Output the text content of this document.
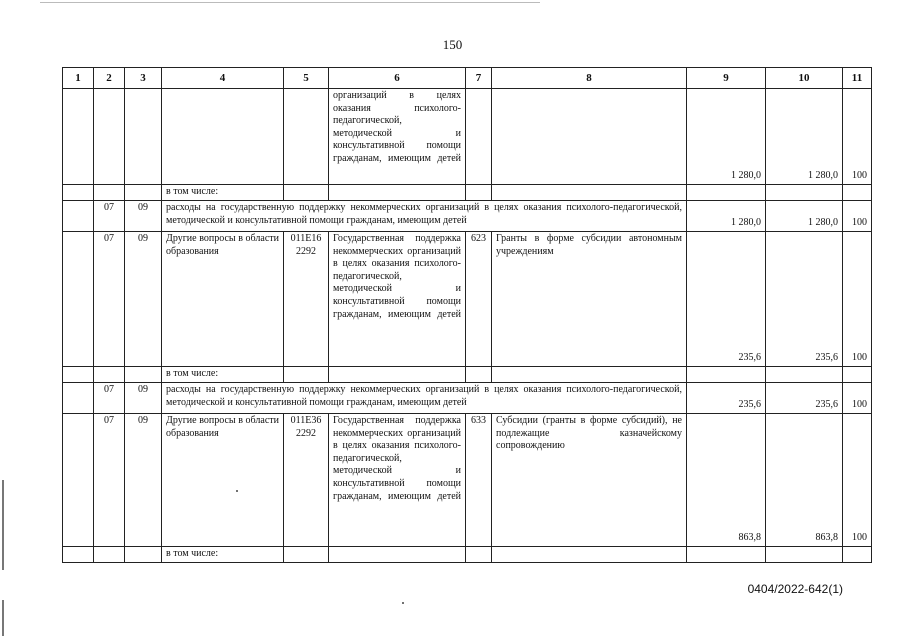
150
1	2	3	4	5	6	7	8	9	10	11
					организаций в целях оказания психолого-педагогической, методической и консультативной помощи гражданам, имеющим детей			1 280,0	1 280,0	100
			в том числе:							
	07	09	расходы на государственную поддержку некоммерческих организаций в целях оказания психолого-педагогической, методической и консультативной помощи гражданам, имеющим детей					1 280,0	1 280,0	100
	07	09	Другие вопросы в области образования	011Е16 2292	Государственная поддержка некоммерческих организаций в целях оказания психолого-педагогической, методической и консультативной помощи гражданам, имеющим детей	623	Гранты в форме субсидии автономным учреждениям	235,6	235,6	100
			в том числе:							
	07	09	расходы на государственную поддержку некоммерческих организаций в целях оказания психолого-педагогической, методической и консультативной помощи гражданам, имеющим детей					235,6	235,6	100
	07	09	Другие вопросы в области образования	011Е36 2292	Государственная поддержка некоммерческих организаций в целях оказания психолого-педагогической, методической и консультативной помощи гражданам, имеющим детей	633	Субсидии (гранты в форме субсидий), не подлежащие казначейскому сопровождению	863,8	863,8	100
			в том числе:							
0404/2022-642(1)
